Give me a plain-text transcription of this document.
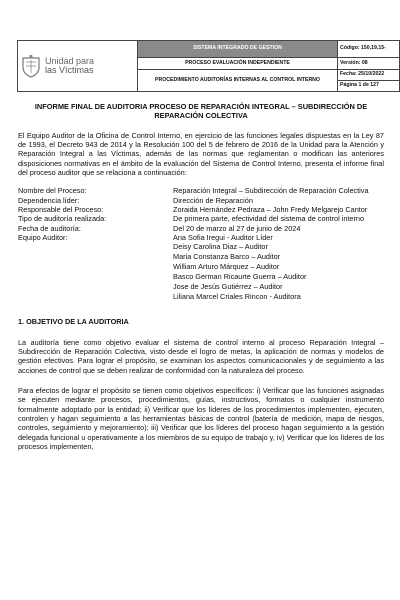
Unidad para
las Víctimas	SISTEMA INTEGRADO DE GESTION	Código: 150,19,15-
	PROCESO EVALUACIÓN INDEPENDIENTE	Versión: 08
	PROCEDIMIENTO AUDITORÍAS INTERNAS AL CONTROL INTERNO	Fecha: 25/10/2022
		Página 1 de 127
INFORME FINAL DE AUDITORIA PROCESO DE REPARACIÓN INTEGRAL – SUBDIRECCIÓN DE REPARACIÓN COLECTIVA
El Equipo Auditor de la Oficina de Control Interno, en ejercicio de las funciones legales dispuestas en la Ley 87 de 1993, el Decreto 943 de 2014 y la Resolución 100 del 5 de febrero de 2016 de la Unidad para la Atención y Reparación Integral a las Víctimas, además de las normas que reglamentan o modifican las anteriores disposiciones normativas en el ámbito de la evaluación del Sistema de Control Interno, presenta el informe final del proceso auditor que se relaciona a continuación:
Nombre del Proceso:	Reparación Integral – Subdirección de Reparación Colectiva
Dependencia líder:	Dirección de Reparación
Responsable del Proceso:	Zoraida Hernández Pedraza – John Fredy Melgarejo Cantor
Tipo de auditoría realizada:	De primera parte, efectividad del sistema de control interno
Fecha de auditoría:	Del 20 de marzo al 27 de junio de 2024
Equipo Auditor:	Ana Sofia Iregui - Auditor Líder
Deisy Carolina Diaz – Auditor
Maria Constanza Barco – Auditor
William Arturo Márquez – Auditor
Basco German Ricaurte Guerra – Auditor
Jose de Jesús Gutiérrez – Auditor
Liliana Marcel Criales Rincon - Auditora
1. OBJETIVO DE LA AUDITORIA
La auditoría tiene como objetivo evaluar el sistema de control interno al proceso Reparación Integral – Subdirección de Reparación Colectiva, visto desde el logro de metas, la aplicación de normas y modelos de gestión efectivos. Para lograr el propósito, se examinan los aspectos comunicacionales y de seguimiento a las acciones de control que se deben realizar de conformidad con la naturaleza del proceso.
Para efectos de lograr el propósito se tienen como objetivos específicos: i) Verificar que las funciones asignadas se ejecuten mediante procesos, procedimientos, guías, instructivos, formatos o cualquier instrumento formalmente adoptado por la entidad; ii) Verificar que los líderes de los procedimientos implementen, ejecuten, controlen y hagan seguimiento a las herramientas básicas de control (batería de medición, mapa de riesgos, controles, seguimiento y mejoramiento); iii) Verificar que los líderes del proceso hagan seguimiento a la gestión delegada funcional u operativamente a los miembros de su equipo de trabajo y, iv) Verificar que los líderes de los procesos implementen,
